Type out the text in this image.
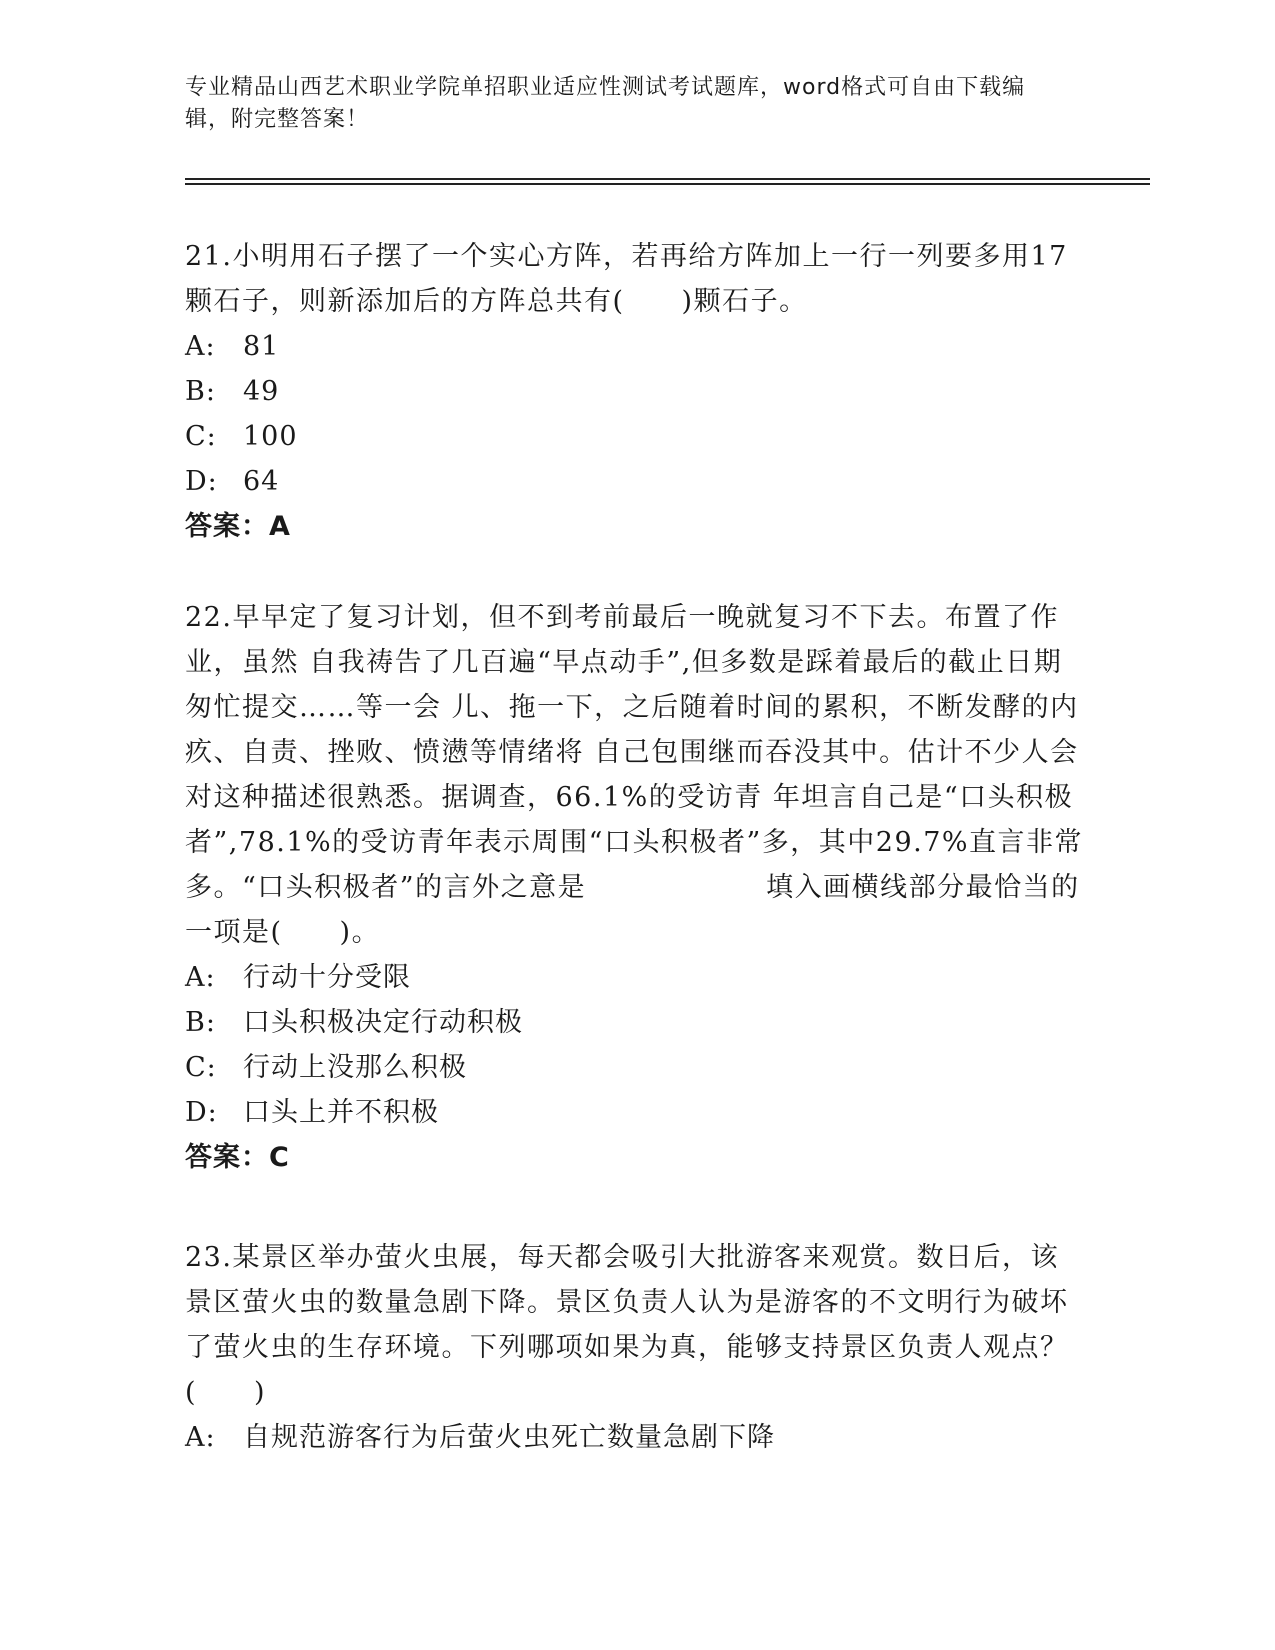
专业精品山西艺术职业学院单招职业适应性测试考试题库，word格式可自由下载编辑，附完整答案！

21.小明用石子摆了一个实心方阵，若再给方阵加上一行一列要多用17颗石子，则新添加后的方阵总共有(　　)颗石子。

A:	81
B:	49
C: 100
D: 64
答案：A

22.早早定了复习计划，但不到考前最后一晚就复习不下去。布置了作业，虽然 自我祷告了几百遍“早点动手”,但多数是踩着最后的截止日期匆忙提交……等一会 儿、拖一下，之后随着时间的累积，不断发酵的内疚、自责、挫败、愤懑等情绪将 自己包围继而吞没其中。估计不少人会对这种描述很熟悉。据调查，66.1%的受访青 年坦言自己是“口头积极者”,78.1%的受访青年表示周围“口头积极者”多，其中29.7%直言非常多。“口头积极者”的言外之意是	填入画横线部分最恰当的一项是(　　)。

A:	行动十分受限
B:	口头积极决定行动积极
C: 行动上没那么积极
D: 口头上并不积极
答案：C

23.某景区举办萤火虫展，每天都会吸引大批游客来观赏。数日后，该景区萤火虫的数量急剧下降。景区负责人认为是游客的不文明行为破坏了萤火虫的生存环境。下列哪项如果为真，能够支持景区负责人观点？(　　)

A:	自规范游客行为后萤火虫死亡数量急剧下降
